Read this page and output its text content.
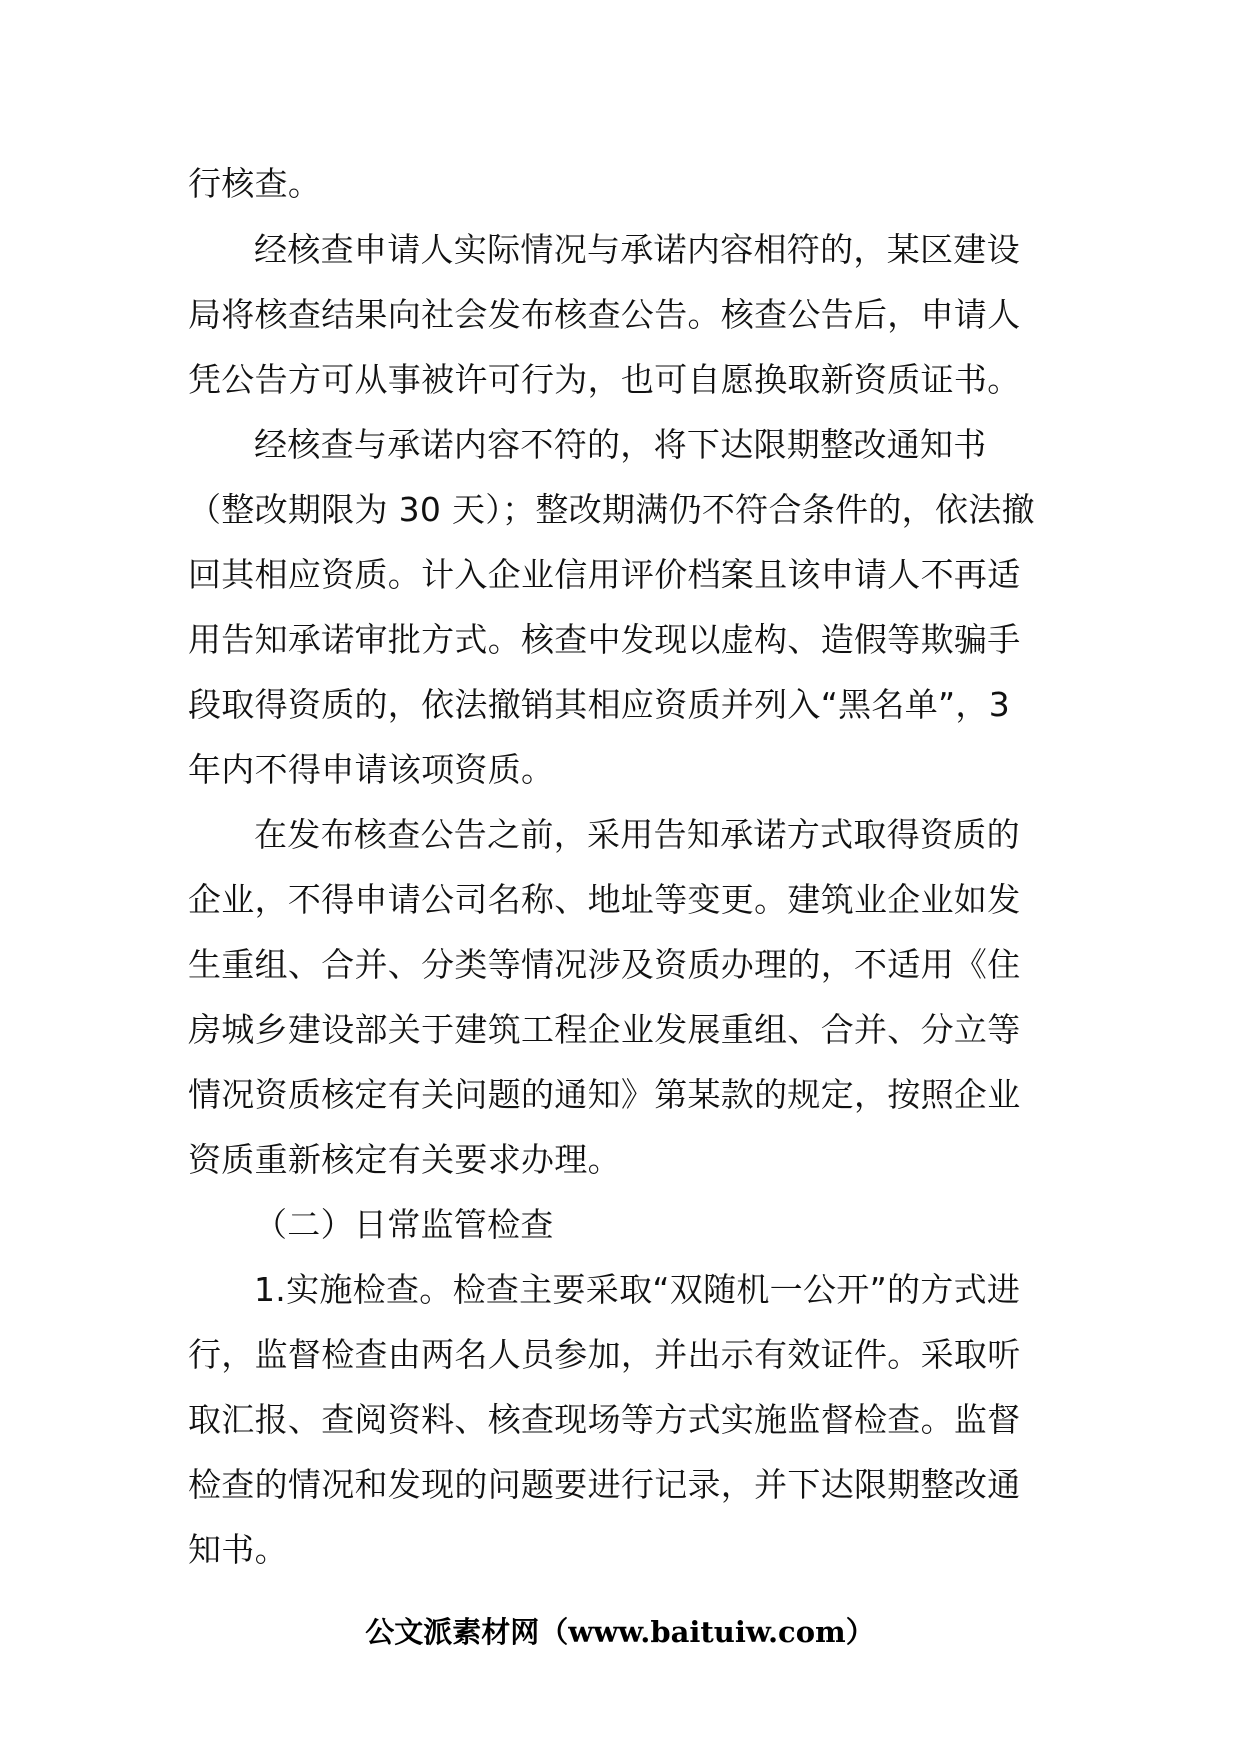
行核查。
经核查申请人实际情况与承诺内容相符的，某区建设
局将核查结果向社会发布核查公告。核查公告后，申请人
凭公告方可从事被许可行为，也可自愿换取新资质证书。
经核查与承诺内容不符的，将下达限期整改通知书
（整改期限为 30 天）；整改期满仍不符合条件的，依法撤
回其相应资质。计入企业信用评价档案且该申请人不再适
用告知承诺审批方式。核查中发现以虚构、造假等欺骗手
段取得资质的，依法撤销其相应资质并列入“黑名单”，3
年内不得申请该项资质。
在发布核查公告之前，采用告知承诺方式取得资质的
企业，不得申请公司名称、地址等变更。建筑业企业如发
生重组、合并、分类等情况涉及资质办理的，不适用《住
房城乡建设部关于建筑工程企业发展重组、合并、分立等
情况资质核定有关问题的通知》第某款的规定，按照企业
资质重新核定有关要求办理。
（二）日常监管检查
1.实施检查。检查主要采取“双随机一公开”的方式进
行，监督检查由两名人员参加，并出示有效证件。采取听
取汇报、查阅资料、核查现场等方式实施监督检查。监督
检查的情况和发现的问题要进行记录，并下达限期整改通
知书。
公文派素材网（www.baituiw.com）
